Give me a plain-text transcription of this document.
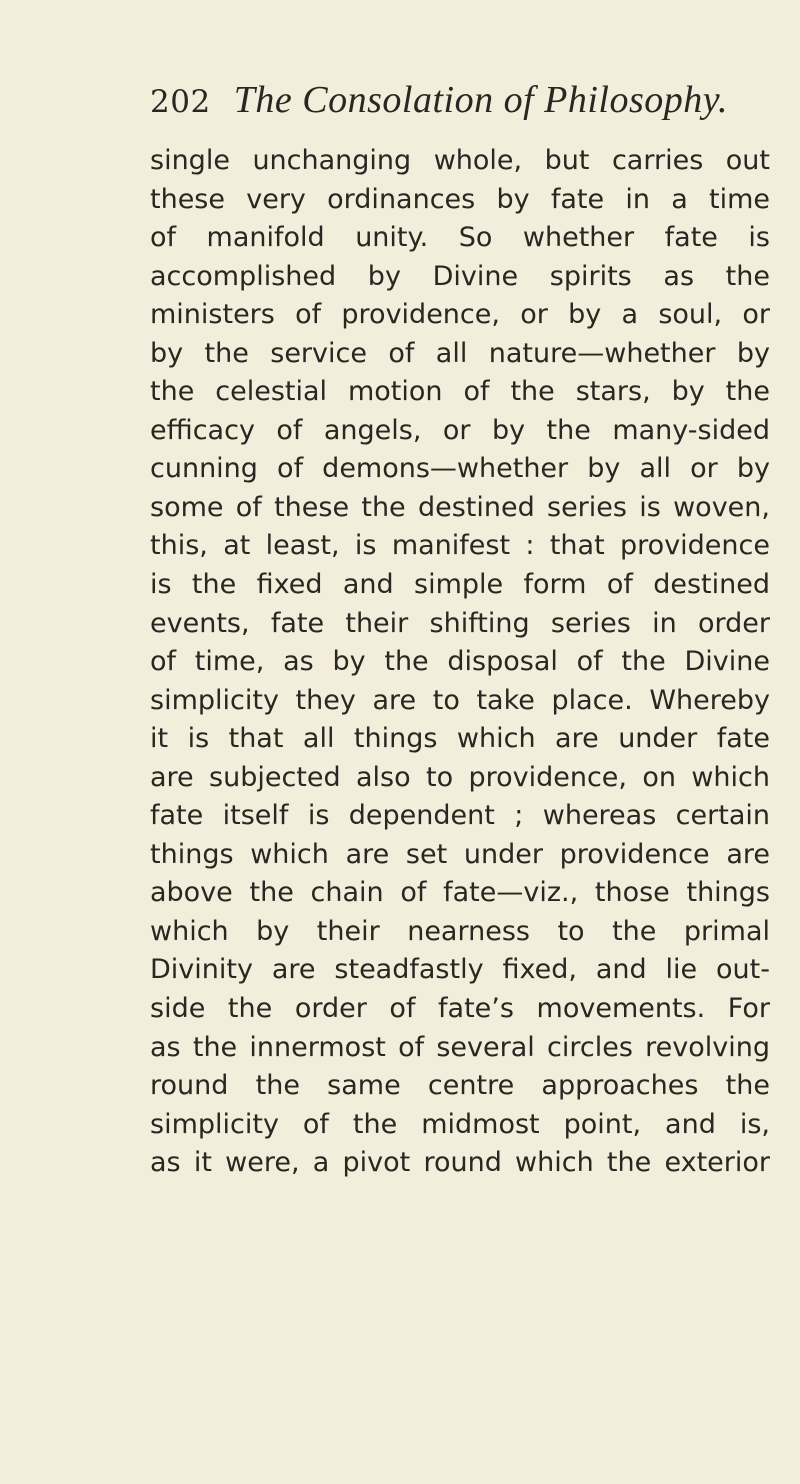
202 The Consolation of Philosophy.
single unchanging whole, but carries out
these very ordinances by fate in a time
of manifold unity. So whether fate is
accomplished by Divine spirits as the
ministers of providence, or by a soul, or
by the service of all nature—whether by
the celestial motion of the stars, by the
efficacy of angels, or by the many-sided
cunning of demons—whether by all or by
some of these the destined series is woven,
this, at least, is manifest : that providence
is the fixed and simple form of destined
events, fate their shifting series in order
of time, as by the disposal of the Divine
simplicity they are to take place. Whereby
it is that all things which are under fate
are subjected also to providence, on which
fate itself is dependent ; whereas certain
things which are set under providence are
above the chain of fate—viz., those things
which by their nearness to the primal
Divinity are steadfastly fixed, and lie out-
side the order of fate’s movements. For
as the innermost of several circles revolving
round the same centre approaches the
simplicity of the midmost point, and is,
as it were, a pivot round which the exterior
